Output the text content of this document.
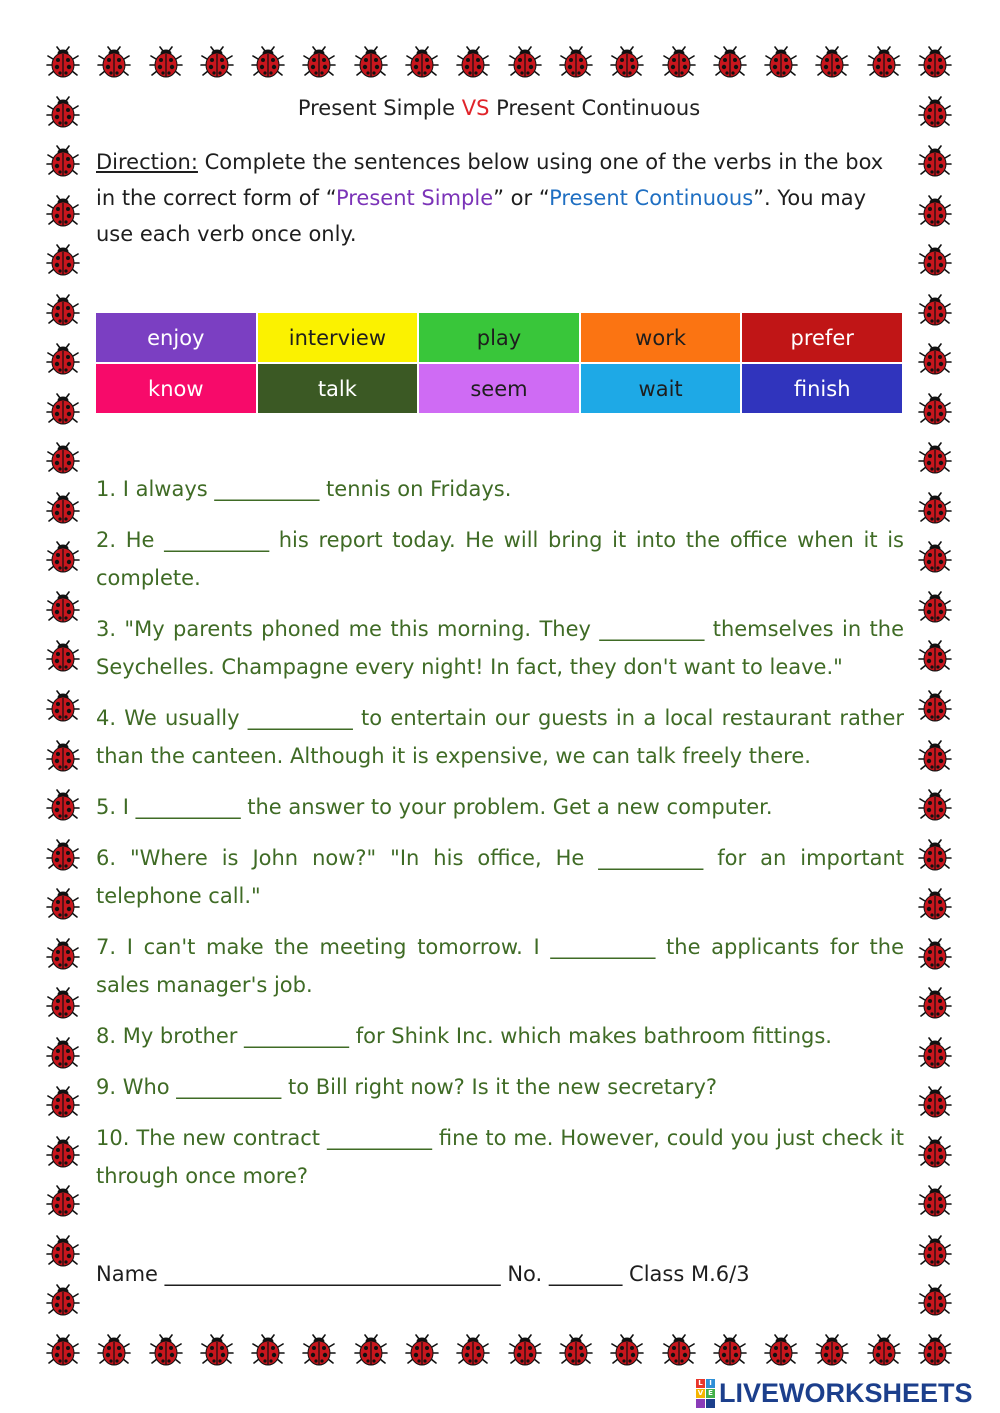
Present Simple VS Present Continuous
Direction: Complete the sentences below using one of the verbs in the box in the correct form of “Present Simple” or “Present Continuous”. You may use each verb once only.
enjoy	interview	play	work	prefer
know	talk	seem	wait	finish

1. I always __________ tennis on Fridays.

2. He __________ his report today. He will bring it into the office when it is complete.

3. "My parents phoned me this morning. They __________ themselves in the Seychelles. Champagne every night! In fact, they don't want to leave."

4. We usually __________ to entertain our guests in a local restaurant rather than the canteen. Although it is expensive, we can talk freely there.

5. I __________ the answer to your problem. Get a new computer.

6. "Where is John now?" "In his office, He __________ for an important telephone call."

7. I can't make the meeting tomorrow. I __________ the applicants for the sales manager's job.

8. My brother __________ for Shink Inc. which makes bathroom fittings.

9. Who __________ to Bill right now? Is it the new secretary?

10. The new contract __________ fine to me. However, could you just check it through once more?

Name ________________________________ No. _______ Class M.6/3
L I
V E LIVEWORKSHEETS
